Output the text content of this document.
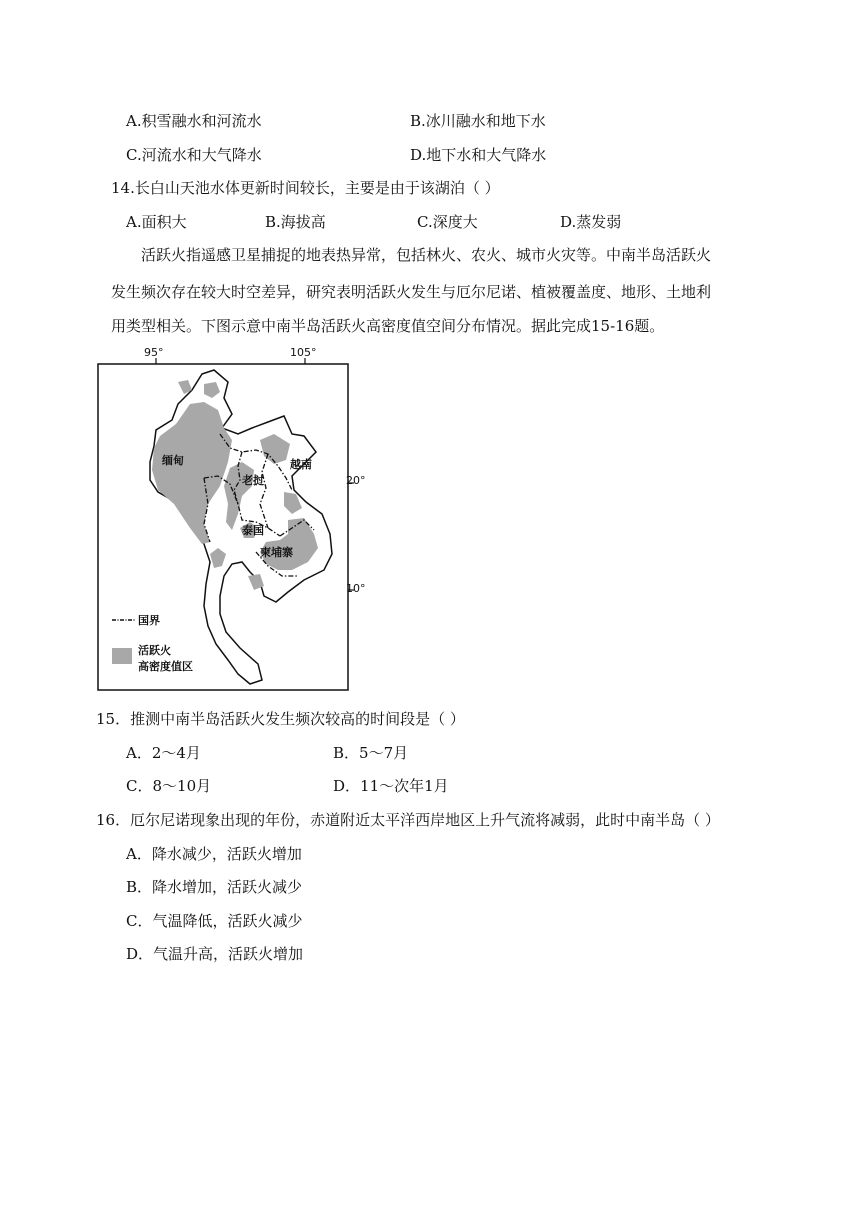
A.积雪融水和河流水	B.冰川融水和地下水
C.河流水和大气降水	D.地下水和大气降水
14.长白山天池水体更新时间较长，主要是由于该湖泊（ ）
A.面积大	B.海拔高	C.深度大	D.蒸发弱
活跃火指遥感卫星捕捉的地表热异常，包括林火、农火、城市火灾等。中南半岛活跃火
发生频次存在较大时空差异，研究表明活跃火发生与厄尔尼诺、植被覆盖度、地形、土地利
用类型相关。下图示意中南半岛活跃火高密度值空间分布情况。据此完成15-16题。
95°	105°
20°
10°
缅甸
老挝
越南
泰国
柬埔寨
国界
活跃火
高密度值区
15．推测中南半岛活跃火发生频次较高的时间段是（ ）
A．2～4月	B．5～7月
C．8～10月	D．11～次年1月
16．厄尔尼诺现象出现的年份，赤道附近太平洋西岸地区上升气流将减弱，此时中南半岛（ ）
A．降水减少，活跃火增加
B．降水增加，活跃火减少
C．气温降低，活跃火减少
D．气温升高，活跃火增加
